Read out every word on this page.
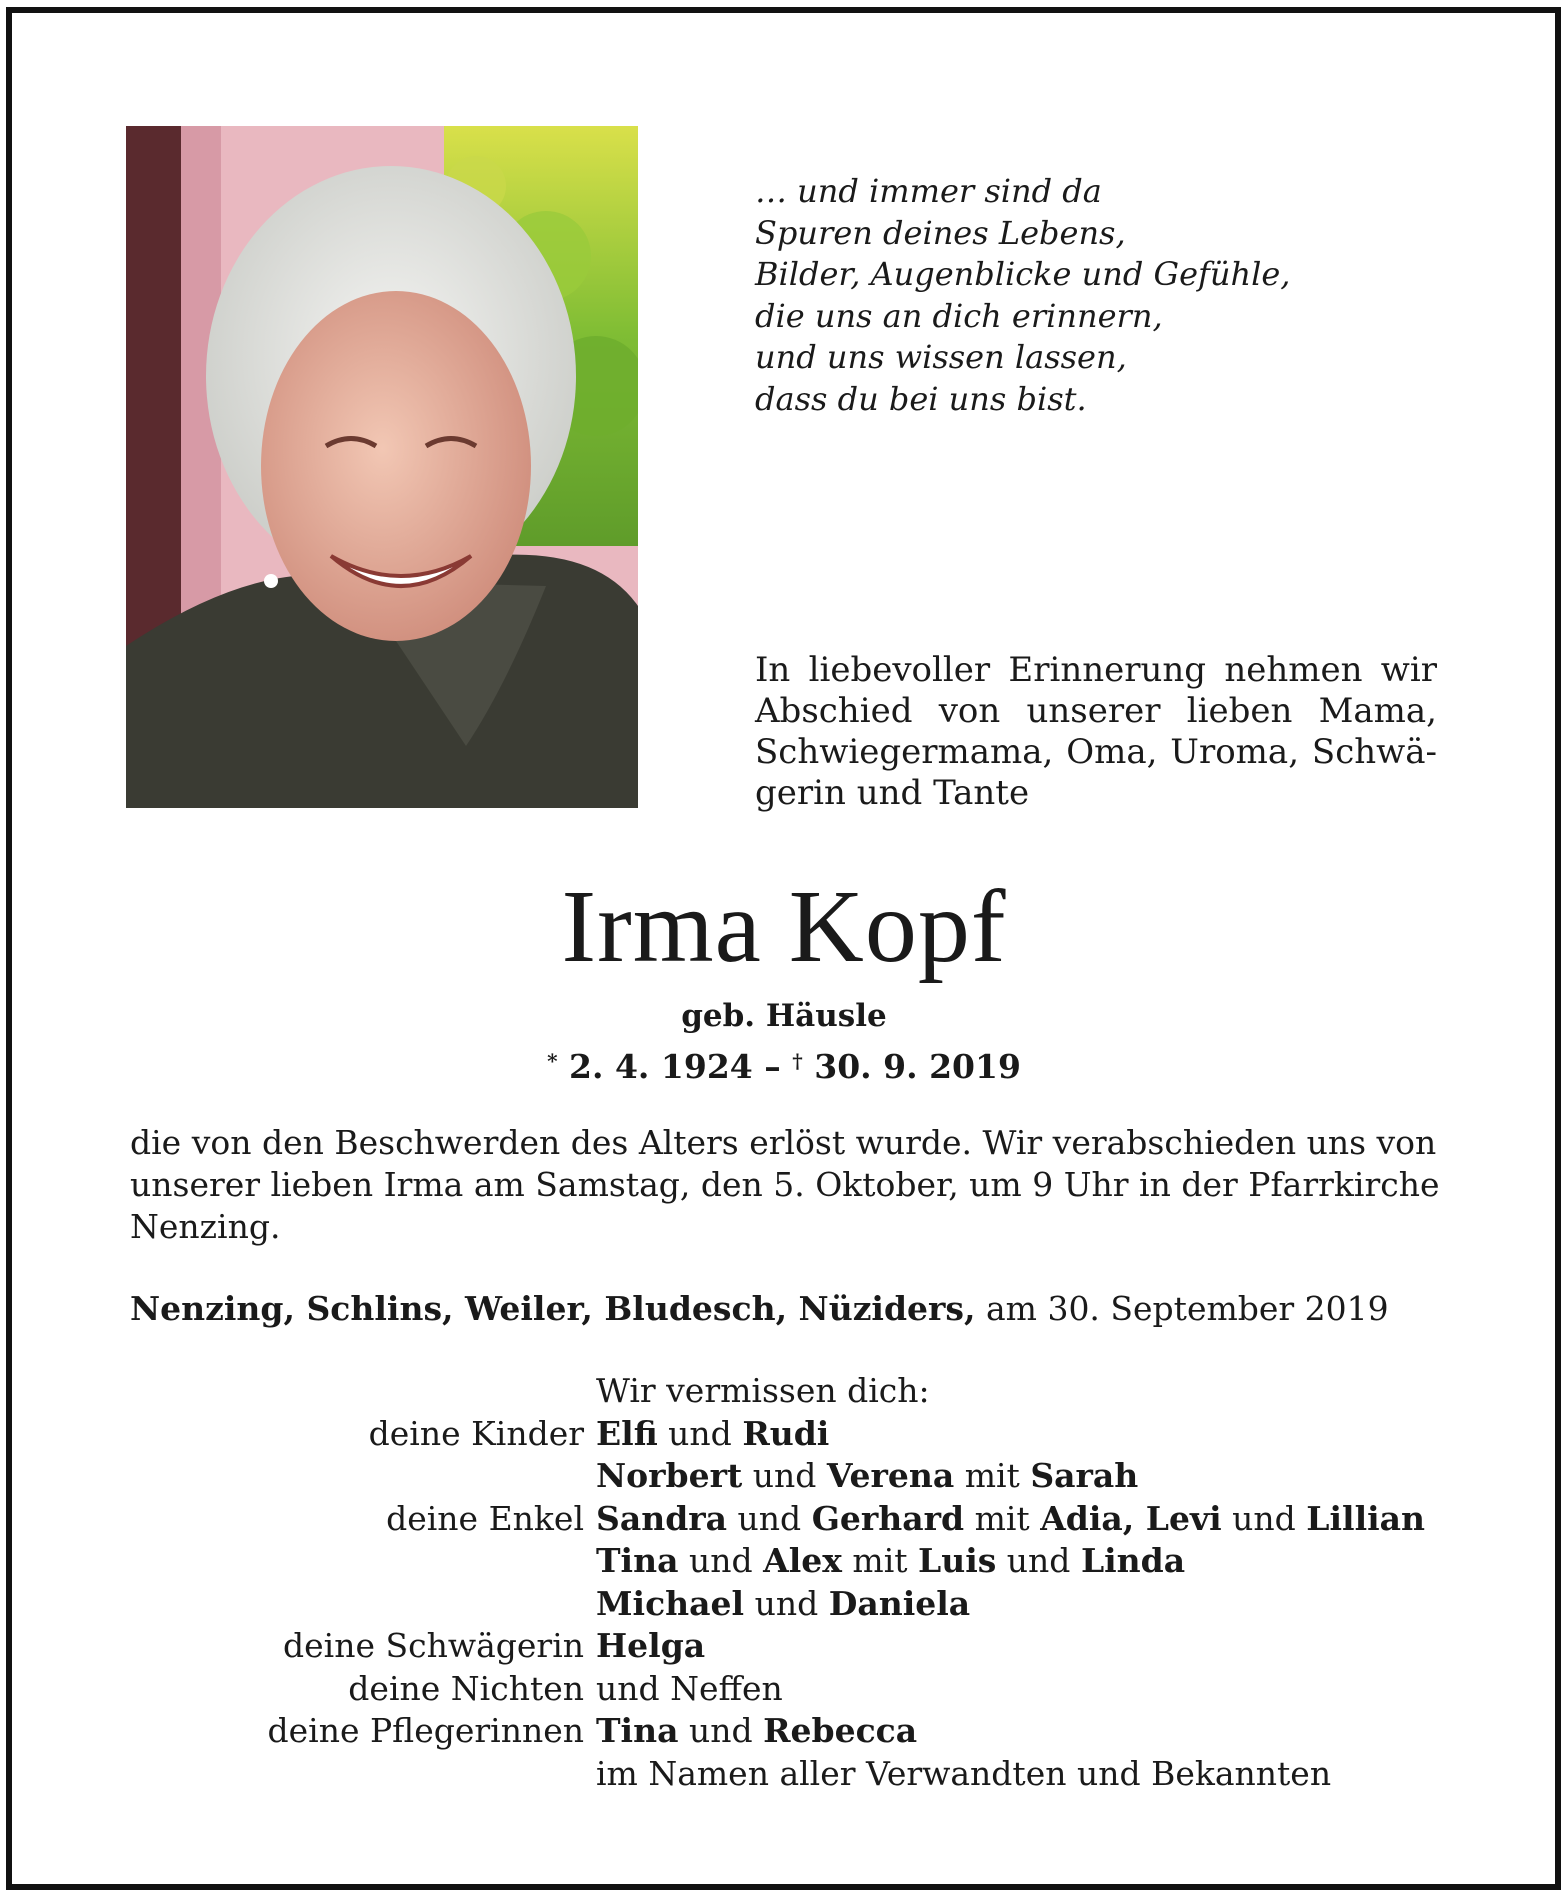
… und immer sind da
Spuren deines Lebens,
Bilder, Augenblicke und Gefühle,
die uns an dich erinnern,
und uns wissen lassen,
dass du bei uns bist.
In liebevoller Erinnerung nehmen wir
Abschied von unserer lieben Mama,
Schwiegermama, Oma, Uroma, Schwä-
gerin und Tante
Irma Kopf
geb. Häusle
* 2. 4. 1924 – † 30. 9. 2019
die von den Beschwerden des Alters erlöst wurde. Wir verabschieden uns von
unserer lieben Irma am Samstag, den 5. Oktober, um 9 Uhr in der Pfarrkirche
Nenzing.
Nenzing, Schlins, Weiler, Bludesch, Nüziders, am 30. September 2019
Wir vermissen dich:
deine Kinder Elfi und Rudi
Norbert und Verena mit Sarah
deine Enkel Sandra und Gerhard mit Adia, Levi und Lillian
Tina und Alex mit Luis und Linda
Michael und Daniela
deine Schwägerin Helga
deine Nichten und Neffen
deine Pflegerinnen Tina und Rebecca
im Namen aller Verwandten und Bekannten
